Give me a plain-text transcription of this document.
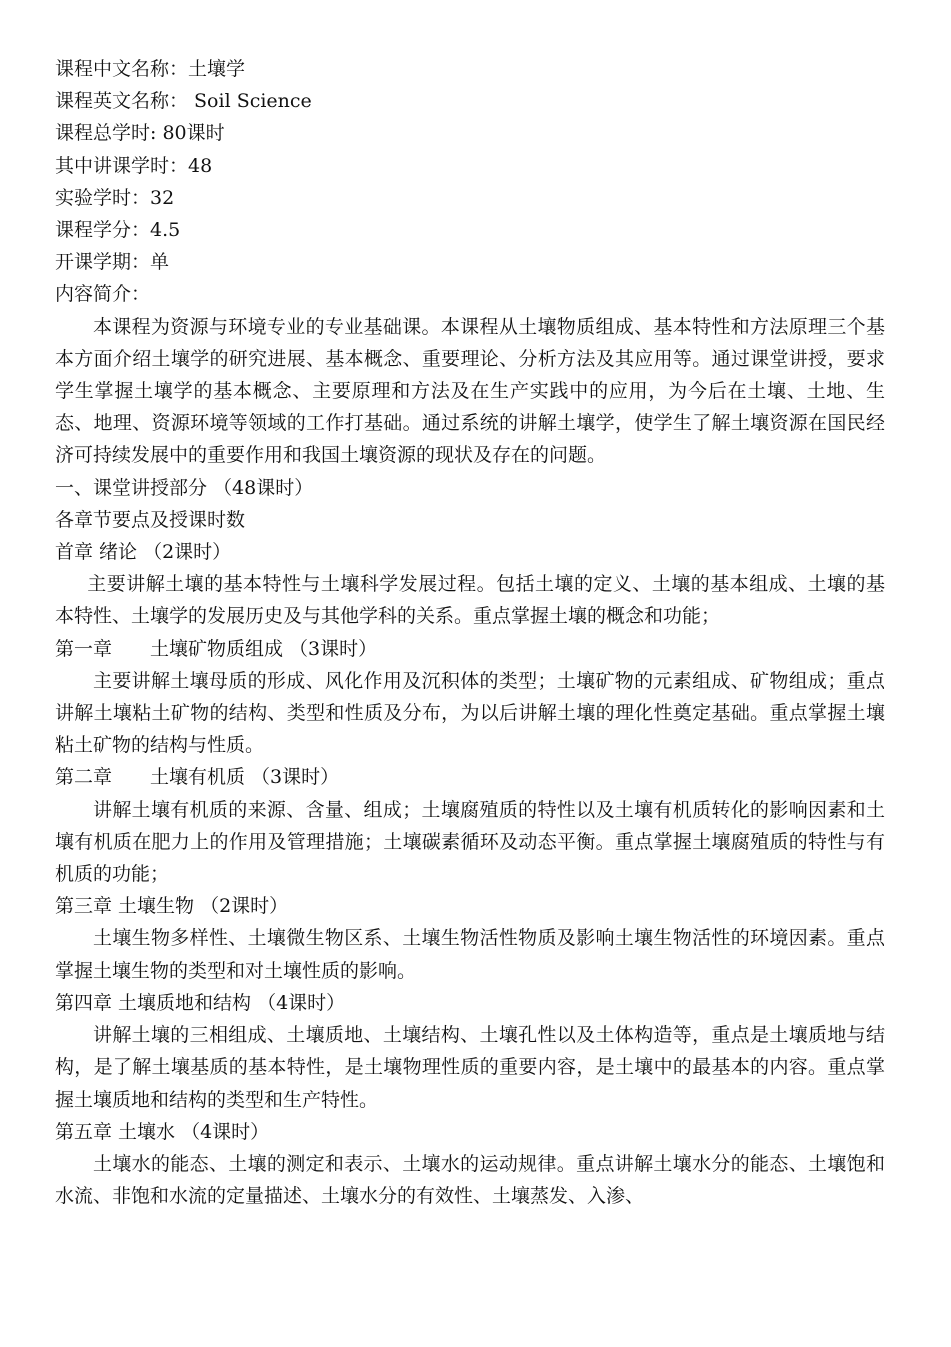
课程中文名称：土壤学

课程英文名称： Soil Science

课程总学时: 80课时

其中讲课学时：48

实验学时：32

课程学分：4.5

开课学期：单

内容简介：

本课程为资源与环境专业的专业基础课。本课程从土壤物质组成、基本特性和方法原理三个基本方面介绍土壤学的研究进展、基本概念、重要理论、分析方法及其应用等。通过课堂讲授，要求学生掌握土壤学的基本概念、主要原理和方法及在生产实践中的应用，为今后在土壤、土地、生态、地理、资源环境等领域的工作打基础。通过系统的讲解土壤学，使学生了解土壤资源在国民经济可持续发展中的重要作用和我国土壤资源的现状及存在的问题。

一、课堂讲授部分 （48课时）

各章节要点及授课时数

首章 绪论 （2课时）

主要讲解土壤的基本特性与土壤科学发展过程。包括土壤的定义、土壤的基本组成、土壤的基本特性、土壤学的发展历史及与其他学科的关系。重点掌握土壤的概念和功能；

第一章　　土壤矿物质组成 （3课时）

主要讲解土壤母质的形成、风化作用及沉积体的类型；土壤矿物的元素组成、矿物组成；重点讲解土壤粘土矿物的结构、类型和性质及分布，为以后讲解土壤的理化性奠定基础。重点掌握土壤粘土矿物的结构与性质。

第二章　　土壤有机质 （3课时）

讲解土壤有机质的来源、含量、组成；土壤腐殖质的特性以及土壤有机质转化的影响因素和土壤有机质在肥力上的作用及管理措施；土壤碳素循环及动态平衡。重点掌握土壤腐殖质的特性与有机质的功能；

第三章 土壤生物 （2课时）

土壤生物多样性、土壤微生物区系、土壤生物活性物质及影响土壤生物活性的环境因素。重点掌握土壤生物的类型和对土壤性质的影响。

第四章 土壤质地和结构 （4课时）

讲解土壤的三相组成、土壤质地、土壤结构、土壤孔性以及土体构造等，重点是土壤质地与结构，是了解土壤基质的基本特性，是土壤物理性质的重要内容，是土壤中的最基本的内容。重点掌握土壤质地和结构的类型和生产特性。

第五章 土壤水 （4课时）

土壤水的能态、土壤的测定和表示、土壤水的运动规律。重点讲解土壤水分的能态、土壤饱和水流、非饱和水流的定量描述、土壤水分的有效性、土壤蒸发、入渗、
